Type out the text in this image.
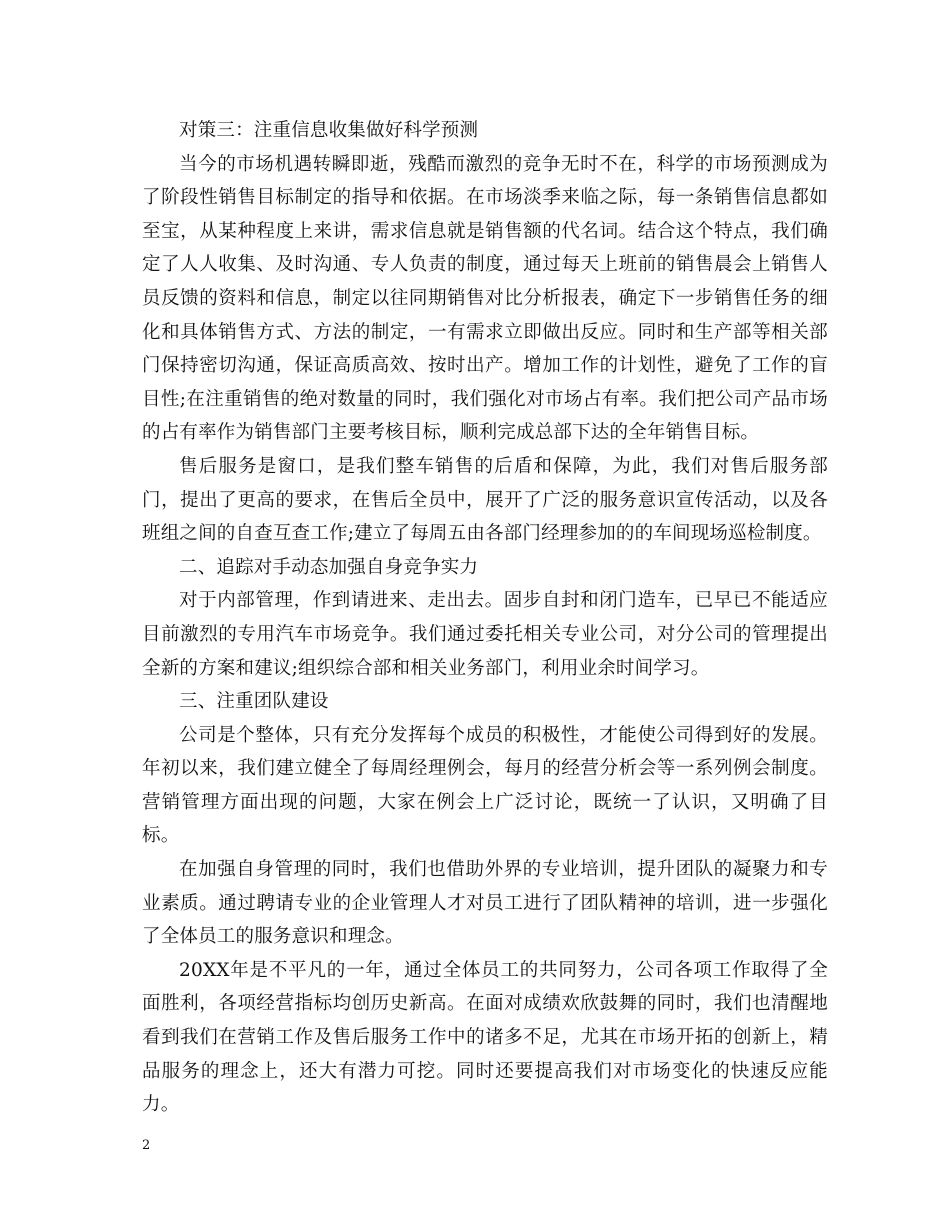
对策三：注重信息收集做好科学预测

当今的市场机遇转瞬即逝，残酷而激烈的竞争无时不在，科学的市场预测成为了阶段性销售目标制定的指导和依据。在市场淡季来临之际，每一条销售信息都如至宝，从某种程度上来讲，需求信息就是销售额的代名词。结合这个特点，我们确定了人人收集、及时沟通、专人负责的制度，通过每天上班前的销售晨会上销售人员反馈的资料和信息，制定以往同期销售对比分析报表，确定下一步销售任务的细化和具体销售方式、方法的制定，一有需求立即做出反应。同时和生产部等相关部门保持密切沟通，保证高质高效、按时出产。增加工作的计划性，避免了工作的盲目性;在注重销售的绝对数量的同时，我们强化对市场占有率。我们把公司产品市场的占有率作为销售部门主要考核目标，顺利完成总部下达的全年销售目标。

售后服务是窗口，是我们整车销售的后盾和保障，为此，我们对售后服务部门，提出了更高的要求，在售后全员中，展开了广泛的服务意识宣传活动，以及各班组之间的自查互查工作;建立了每周五由各部门经理参加的的车间现场巡检制度。

二、追踪对手动态加强自身竞争实力

对于内部管理，作到请进来、走出去。固步自封和闭门造车，已早已不能适应目前激烈的专用汽车市场竞争。我们通过委托相关专业公司，对分公司的管理提出全新的方案和建议;组织综合部和相关业务部门，利用业余时间学习。

三、注重团队建设

公司是个整体，只有充分发挥每个成员的积极性，才能使公司得到好的发展。年初以来，我们建立健全了每周经理例会，每月的经营分析会等一系列例会制度。营销管理方面出现的问题，大家在例会上广泛讨论，既统一了认识，又明确了目标。

在加强自身管理的同时，我们也借助外界的专业培训，提升团队的凝聚力和专业素质。通过聘请专业的企业管理人才对员工进行了团队精神的培训，进一步强化了全体员工的服务意识和理念。

20XX年是不平凡的一年，通过全体员工的共同努力，公司各项工作取得了全面胜利，各项经营指标均创历史新高。在面对成绩欢欣鼓舞的同时，我们也清醒地看到我们在营销工作及售后服务工作中的诸多不足，尤其在市场开拓的创新上，精品服务的理念上，还大有潜力可挖。同时还要提高我们对市场变化的快速反应能力。

2
